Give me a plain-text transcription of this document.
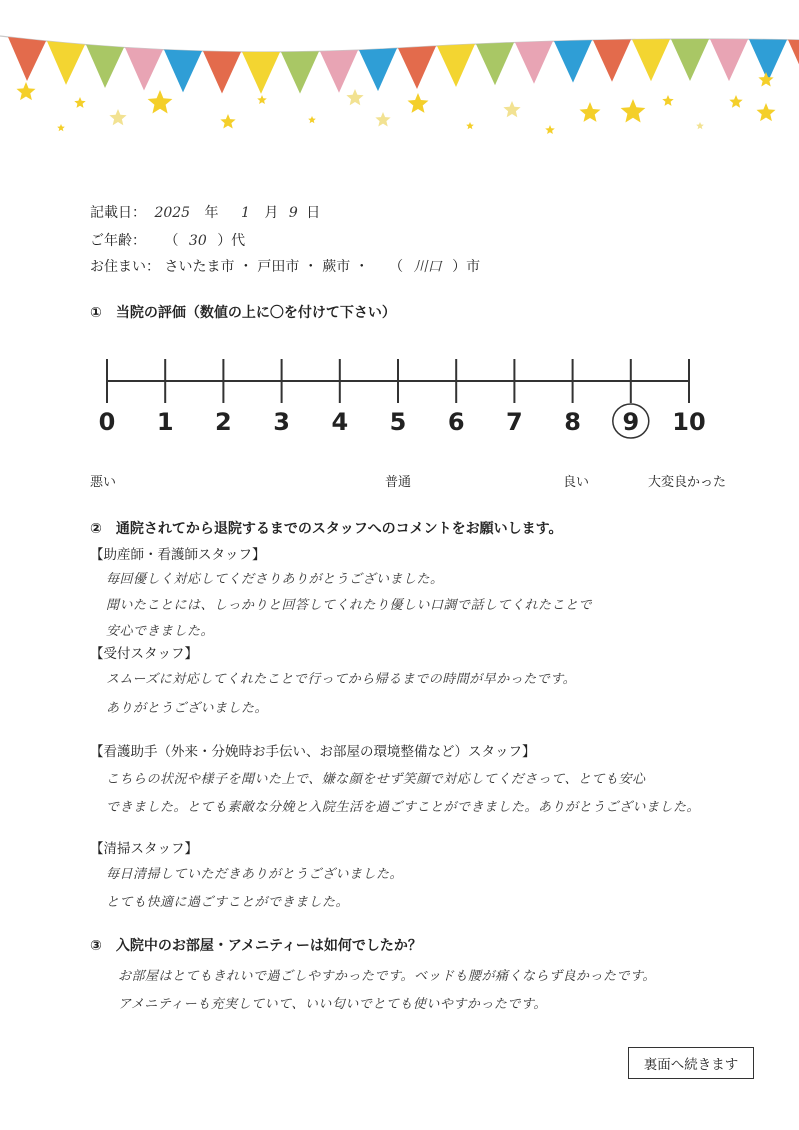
記載日： 2025 年 1 月 9 日
ご年齢： （ 30 ）代
お住まい： さいたま市 ・ 戸田市 ・ 蕨市 ・ （ 川口 ）市
①　当院の評価（数値の上に〇を付けて下さい）
0 1 2 3 4 5 6 7 8 9 10
悪い	普通	良い	大変良かった
②　通院されてから退院するまでのスタッフへのコメントをお願いします。
【助産師・看護師スタッフ】
毎回優しく対応してくださりありがとうございました。
聞いたことには、しっかりと回答してくれたり優しい口調で話してくれたことで
安心できました。
【受付スタッフ】
スムーズに対応してくれたことで行ってから帰るまでの時間が早かったです。
ありがとうございました。
【看護助手（外来・分娩時お手伝い、お部屋の環境整備など）スタッフ】
こちらの状況や様子を聞いた上で、嫌な顔をせず笑顔で対応してくださって、とても安心
できました。とても素敵な分娩と入院生活を過ごすことができました。ありがとうございました。
【清掃スタッフ】
毎日清掃していただきありがとうございました。
とても快適に過ごすことができました。
③　入院中のお部屋・アメニティーは如何でしたか？
お部屋はとてもきれいで過ごしやすかったです。ベッドも腰が痛くならず良かったです。
アメニティーも充実していて、いい匂いでとても使いやすかったです。
裏面へ続きます
